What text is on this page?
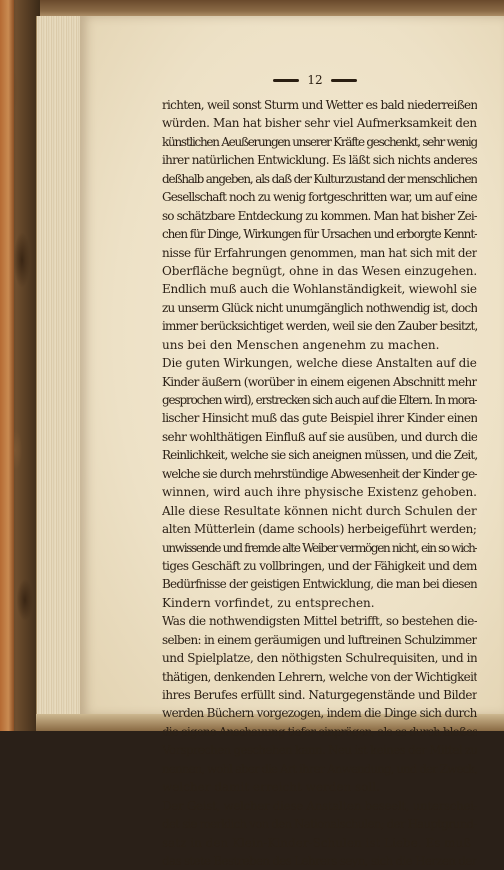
12
richten, weil sonst Sturm und Wetter es bald niederreißen
würden. Man hat bisher sehr viel Aufmerksamkeit den
künstlichen Aeußerungen unserer Kräfte geschenkt, sehr wenig
ihrer natürlichen Entwicklung. Es läßt sich nichts anderes
deßhalb angeben, als daß der Kulturzustand der menschlichen
Gesellschaft noch zu wenig fortgeschritten war, um auf eine
so schätzbare Entdeckung zu kommen. Man hat bisher Zei-
chen für Dinge, Wirkungen für Ursachen und erborgte Kennt-
nisse für Erfahrungen genommen, man hat sich mit der
Oberfläche begnügt, ohne in das Wesen einzugehen.
Endlich muß auch die Wohlanständigkeit, wiewohl sie
zu unserm Glück nicht unumgänglich nothwendig ist, doch
immer berücksichtiget werden, weil sie den Zauber besitzt,
uns bei den Menschen angenehm zu machen.
Die guten Wirkungen, welche diese Anstalten auf die
Kinder äußern (worüber in einem eigenen Abschnitt mehr
gesprochen wird), erstrecken sich auch auf die Eltern. In mora-
lischer Hinsicht muß das gute Beispiel ihrer Kinder einen
sehr wohlthätigen Einfluß auf sie ausüben, und durch die
Reinlichkeit, welche sie sich aneignen müssen, und die Zeit,
welche sie durch mehrstündige Abwesenheit der Kinder ge-
winnen, wird auch ihre physische Existenz gehoben.
Alle diese Resultate können nicht durch Schulen der
alten Mütterlein (dame schools) herbeigeführt werden;
unwissende und fremde alte Weiber vermögen nicht, ein so wich-
tiges Geschäft zu vollbringen, und der Fähigkeit und dem
Bedürfnisse der geistigen Entwicklung, die man bei diesen
Kindern vorfindet, zu entsprechen.
Was die nothwendigsten Mittel betrifft, so bestehen die-
selben: in einem geräumigen und luftreinen Schulzimmer
und Spielplatze, den nöthigsten Schulrequisiten, und in
thätigen, denkenden Lehrern, welche von der Wichtigkeit
ihres Berufes erfüllt sind. Naturgegenstände und Bilder
werden Büchern vorgezogen, indem die Dinge sich durch
die eigene Anschauung tiefer einprägen, als es durch bloßes
Vorsprechen geschehen kann. Neu ist keines der Mittel zu
nennen, wohl aber die Art ihrer Anwendung, und der Zweck,
welcher damit erreicht werden soll.
Der Geist, welcher diese Anstalten beseelt, unterschei-
det sie merklich von den Nationalschulen; der Hauptgrund-
satz in den Klein-Kinder-Schulen ist Liebe. Es muß
das stete Bestreben des Lehrers seyn, sich die Herzen der
